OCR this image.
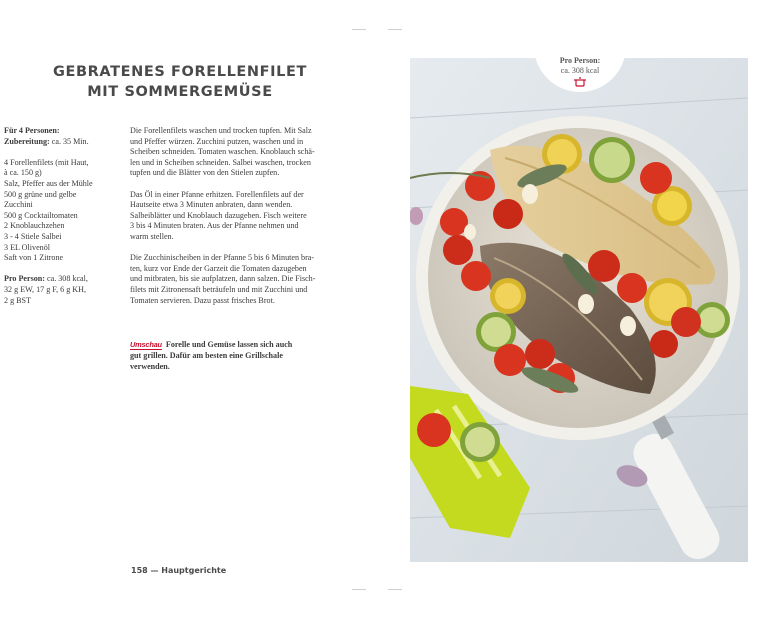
GEBRATENES FORELLENFILET
MIT SOMMERGEMÜSE
Für 4 Personen:
Zubereitung: ca. 35 Min.
4 Forellenfilets (mit Haut,
à ca. 150 g)
Salz, Pfeffer aus der Mühle
500 g grüne und gelbe
Zucchini
500 g Cocktailtomaten
2 Knoblauchzehen
3 - 4 Stiele Salbei
3 EL Olivenöl
Saft von 1 Zitrone
Pro Person: ca. 308 kcal,
32 g EW, 17 g F, 6 g KH,
2 g BST
Die Forellenfilets waschen und trocken tupfen. Mit Salz
und Pfeffer würzen. Zucchini putzen, waschen und in
Scheiben schneiden. Tomaten waschen. Knoblauch schä-
len und in Scheiben schneiden. Salbei waschen, trocken
tupfen und die Blätter von den Stielen zupfen.
Das Öl in einer Pfanne erhitzen. Forellenfilets auf der
Hautseite etwa 3 Minuten anbraten, dann wenden.
Salbeiblätter und Knoblauch dazugeben. Fisch weitere
3 bis 4 Minuten braten. Aus der Pfanne nehmen und
warm stellen.
Die Zucchinischeiben in der Pfanne 5 bis 6 Minuten bra-
ten, kurz vor Ende der Garzeit die Tomaten dazugeben
und mitbraten, bis sie aufplatzen, dann salzen. Die Fisch-
filets mit Zitronensaft beträufeln und mit Zucchini und
Tomaten servieren. Dazu passt frisches Brot.
Umschau Forelle und Gemüse lassen sich auch
gut grillen. Dafür am besten eine Grillschale
verwenden.
Pro Person:
ca. 308 kcal
158 — Hauptgerichte
